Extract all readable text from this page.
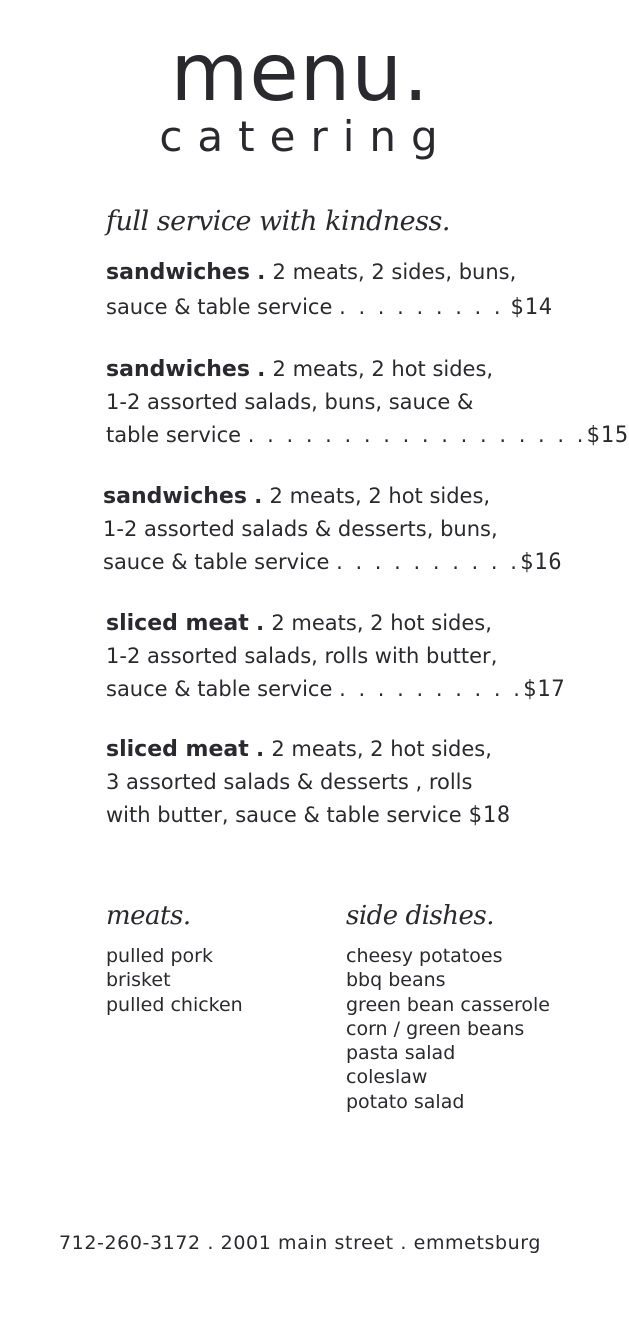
menu.
catering
full service with kindness.
sandwiches . 2 meats, 2 sides, buns,
sauce & table service . . . . . . . . . $14
sandwiches . 2 meats, 2 hot sides,
1-2 assorted salads, buns, sauce &
table service . . . . . . . . . . . . . . . . . .$15
sandwiches . 2 meats, 2 hot sides,
1-2 assorted salads & desserts, buns,
sauce & table service . . . . . . . . . .$16
sliced meat . 2 meats, 2 hot sides,
1-2 assorted salads, rolls with butter,
sauce & table service . . . . . . . . . .$17
sliced meat . 2 meats, 2 hot sides,
3 assorted salads & desserts , rolls
with butter, sauce & table service $18
meats.
pulled pork
brisket
pulled chicken
side dishes.
cheesy potatoes
bbq beans
green bean casserole
corn / green beans
pasta salad
coleslaw
potato salad
712-260-3172 . 2001 main street . emmetsburg
